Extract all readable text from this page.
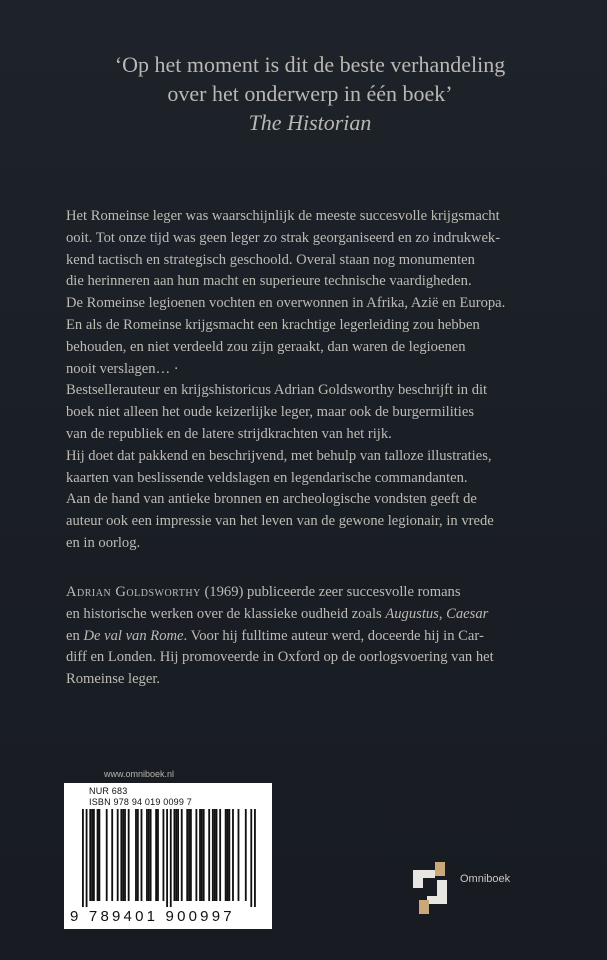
‘Op het moment is dit de beste verhandeling
over het onderwerp in één boek’
The Historian

Het Romeinse leger was waarschijnlijk de meeste succesvolle krijgsmacht

ooit. Tot onze tijd was geen leger zo strak georganiseerd en zo indrukwek-

kend tactisch en strategisch geschoold. Overal staan nog monumenten

die herinneren aan hun macht en superieure technische vaardigheden.

De Romeinse legioenen vochten en overwonnen in Afrika, Azië en Europa.

En als de Romeinse krijgsmacht een krachtige legerleiding zou hebben

behouden, en niet verdeeld zou zijn geraakt, dan waren de legioenen

nooit verslagen… ·

Bestsellerauteur en krijgshistoricus Adrian Goldsworthy beschrijft in dit

boek niet alleen het oude keizerlijke leger, maar ook de burgermilities

van de republiek en de latere strijdkrachten van het rijk.

Hij doet dat pakkend en beschrijvend, met behulp van talloze illustraties,

kaarten van beslissende veldslagen en legendarische commandanten.

Aan de hand van antieke bronnen en archeologische vondsten geeft de

auteur ook een impressie van het leven van de gewone legionair, in vrede

en in oorlog.

Adrian Goldsworthy (1969) publiceerde zeer succesvolle romans
en historische werken over de klassieke oudheid zoals Augustus, Caesar
en De val van Rome. Voor hij fulltime auteur werd, doceerde hij in Car-
diff en Londen. Hij promoveerde in Oxford op de oorlogsvoering van het
Romeinse leger.
www.omniboek.nl
NUR 683
ISBN 978 94 019 0099 7
9 789401 900997
Omniboek
